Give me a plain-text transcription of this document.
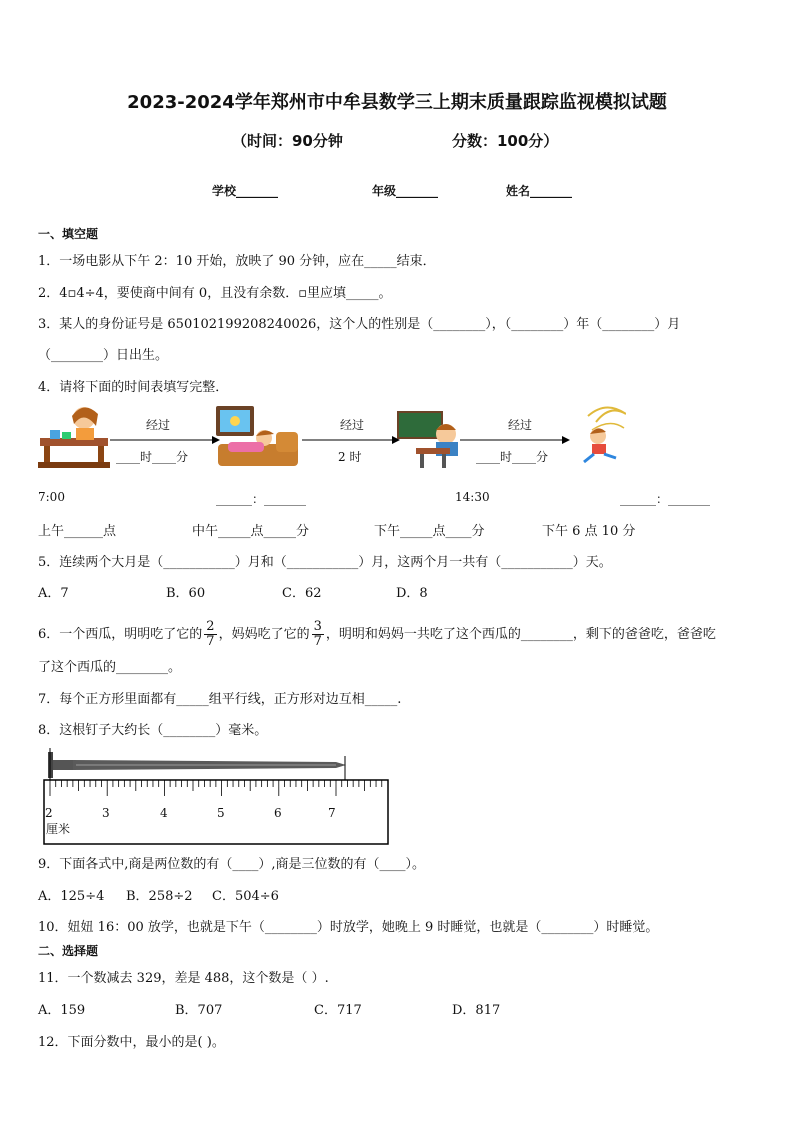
2023-2024学年郑州市中牟县数学三上期末质量跟踪监视模拟试题
（时间：90分钟	分数：100分）
学校_______	年级_______	姓名_______
一、填空题
1．一场电影从下午 2：10 开始，放映了 90 分钟，应在_____结束．
2．4▫4÷4，要使商中间有 0，且没有余数．▫里应填_____。
3．某人的身份证号是 650102199208240026，这个人的性别是（________），（________）年（________）月
（________）日出生。
4．请将下面的时间表填写完整．
经过
____时____分
经过
2 时
经过
____时____分
7:00	______：_______	14:30	______：_______
上午______点	中午_____点_____分	下午_____点____分	下午 6 点 10 分
5．连续两个大月是（___________）月和（___________）月，这两个月一共有（___________）天。
A．7	B．60	C．62	D．8
6．一个西瓜，明明吃了它的 $\frac{2}{7}$ ，妈妈吃了它的 $\frac{3}{7}$ ，明明和妈妈一共吃了这个西瓜的________，剩下的爸爸吃，爸爸吃
了这个西瓜的________。
7．每个正方形里面都有_____组平行线，正方形对边互相_____.
8．这根钉子大约长（________）毫米。
2	3	4	5	6	7
厘米
9．下面各式中,商是两位数的有（____）,商是三位数的有（____）。
A．125÷4 B．258÷2 C．504÷6
10．妞妞 16：00 放学，也就是下午（________）时放学，她晚上 9 时睡觉，也就是（________）时睡觉。
二、选择题
11．一个数减去 329，差是 488，这个数是（ ）.
A．159	B．707	C．717	D．817
12．下面分数中，最小的是( )。
